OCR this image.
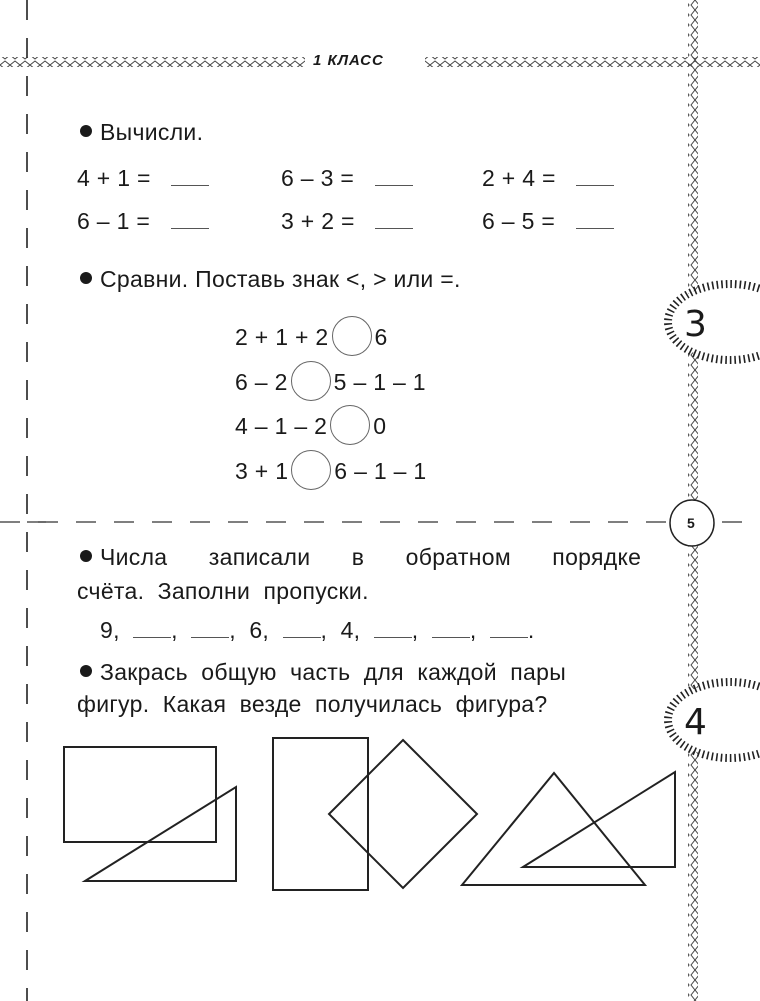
1 КЛАСС
3
4
5
Вычисли.
4 + 1 =	6 – 3 =	2 + 4 =
6 – 1 =	3 + 2 =	6 – 5 =
Сравни. Поставь знак <, > или =.
2 + 1 + 2 6
6 – 2 5 – 1 – 1
4 – 1 – 2 0
3 + 1 6 – 1 – 1
Числа  записали  в  обратном  порядке
счёта.  Заполни  пропуски.
9,  ,  ,  6,  ,  4,  ,  ,  .
Закрась  общую  часть  для  каждой  пары
фигур.  Какая  везде  получилась  фигура?
